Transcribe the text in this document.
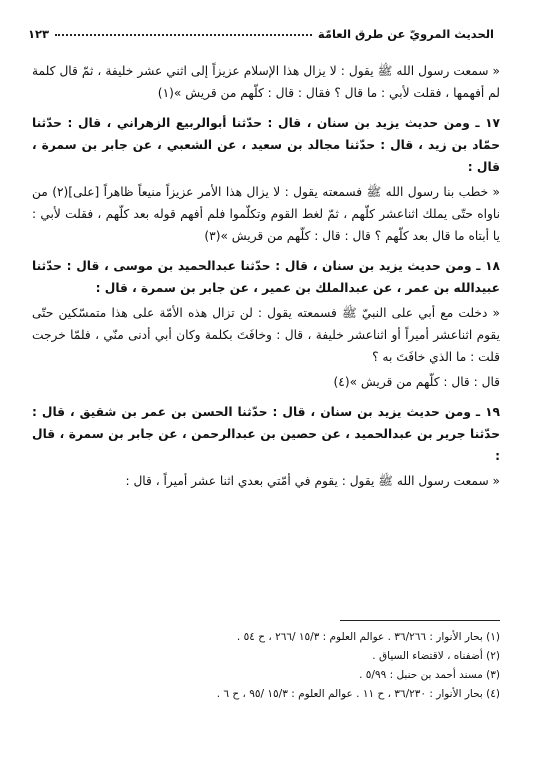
الحديث المرويّ عن طرق العامّة
١٢٣

« سمعت رسول الله ﷺ يقول : لا يزال هذا الإسلام عزيزاً إلى اثني عشر خليفة ، ثمّ قال كلمة لم أفهمها ، فقلت لأبي : ما قال ؟ فقال : قال : كلّهم من قريش »(١)

١٧ ـ ومن حديث يزيد بن سنان ، قال : حدّثنا أبوالربيع الزهراني ، قال : حدّثنا حمّاد بن زيد ، قال : حدّثنا مجالد بن سعيد ، عن الشعبي ، عن جابر بن سمرة ، قال :

« خطب بنا رسول الله ﷺ فسمعته يقول : لا يزال هذا الأمر عزيزاً منيعاً ظاهراً [على](٢) من ناواه حتّى يملك اثناعشر كلّهم ، ثمّ لغط القوم وتكلّموا فلم أفهم قوله بعد كلّهم ، فقلت لأبي : يا أبتاه ما قال بعد كلّهم ؟ قال : قال : كلّهم من قريش »(٣)

١٨ ـ ومن حديث يزيد بن سنان ، قال : حدّثنا عبدالحميد بن موسى ، قال : حدّثنا عبيدالله بن عمر ، عن عبدالملك بن عمير ، عن جابر بن سمرة ، قال :

« دخلت مع أبي على النبيّ ﷺ فسمعته يقول : لن تزال هذه الأمّة على هذا متمسّكين حتّى يقوم اثناعشر أميراً أو اثناعشر خليفة ، قال : وخافَتَ بكلمة وكان أبي أدنى منّي ، فلمّا خرجت قلت : ما الذي خافَتَ به ؟

قال : قال : كلّهم من قريش »(٤)

١٩ ـ ومن حديث يزيد بن سنان ، قال : حدّثنا الحسن بن عمر بن شقيق ، قال : حدّثنا جرير بن عبدالحميد ، عن حصين بن عبدالرحمن ، عن جابر بن سمرة ، قال :

« سمعت رسول الله ﷺ يقول : يقوم في أمّتي بعدي اثنا عشر أميراً ، قال :

(١) بحار الأنوار : ٣٦/٢٦٦ . عوالم العلوم : ١٥/٣ /٢٦٦ ، ح ٥٤ .
(٢) أضفناه ، لاقتضاء السياق .
(٣) مسند أحمد بن حنبل : ٥/٩٩ .
(٤) بحار الأنوار : ٣٦/٢٣٠ ، ح ١١ . عوالم العلوم : ١٥/٣ /٩٥ ، ح ٦ .
